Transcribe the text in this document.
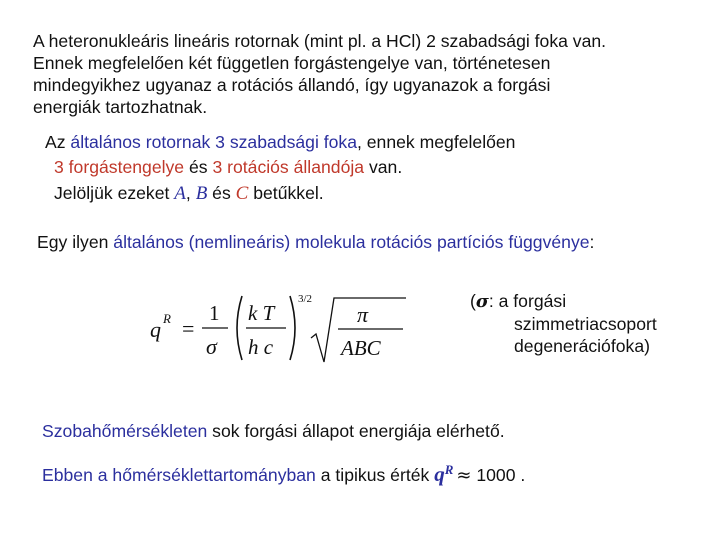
A heteronukleáris lineáris rotornak (mint pl. a HCl) 2 szabadsági foka van.
Ennek megfelelően két független forgástengelye van, történetesen
mindegyikhez ugyanaz a rotációs állandó, így ugyanazok a forgási
energiák tartozhatnak.
Az általános rotornak 3 szabadsági foka, ennek megfelelően
3 forgástengelye és 3 rotációs állandója van.
Jelöljük ezeket A, B és C betűkkel.
Egy ilyen általános (nemlineáris) molekula rotációs partíciós függvénye:
q R =
1
σ
k T
h c
3/2
π
ABC
(σ: a forgási
szimmetriacsoport
degenerációfoka)
Szobahőmérsékleten sok forgási állapot energiája elérhető.
Ebben a hőmérséklettartományban a tipikus érték $q^R \approx 1000$ .
